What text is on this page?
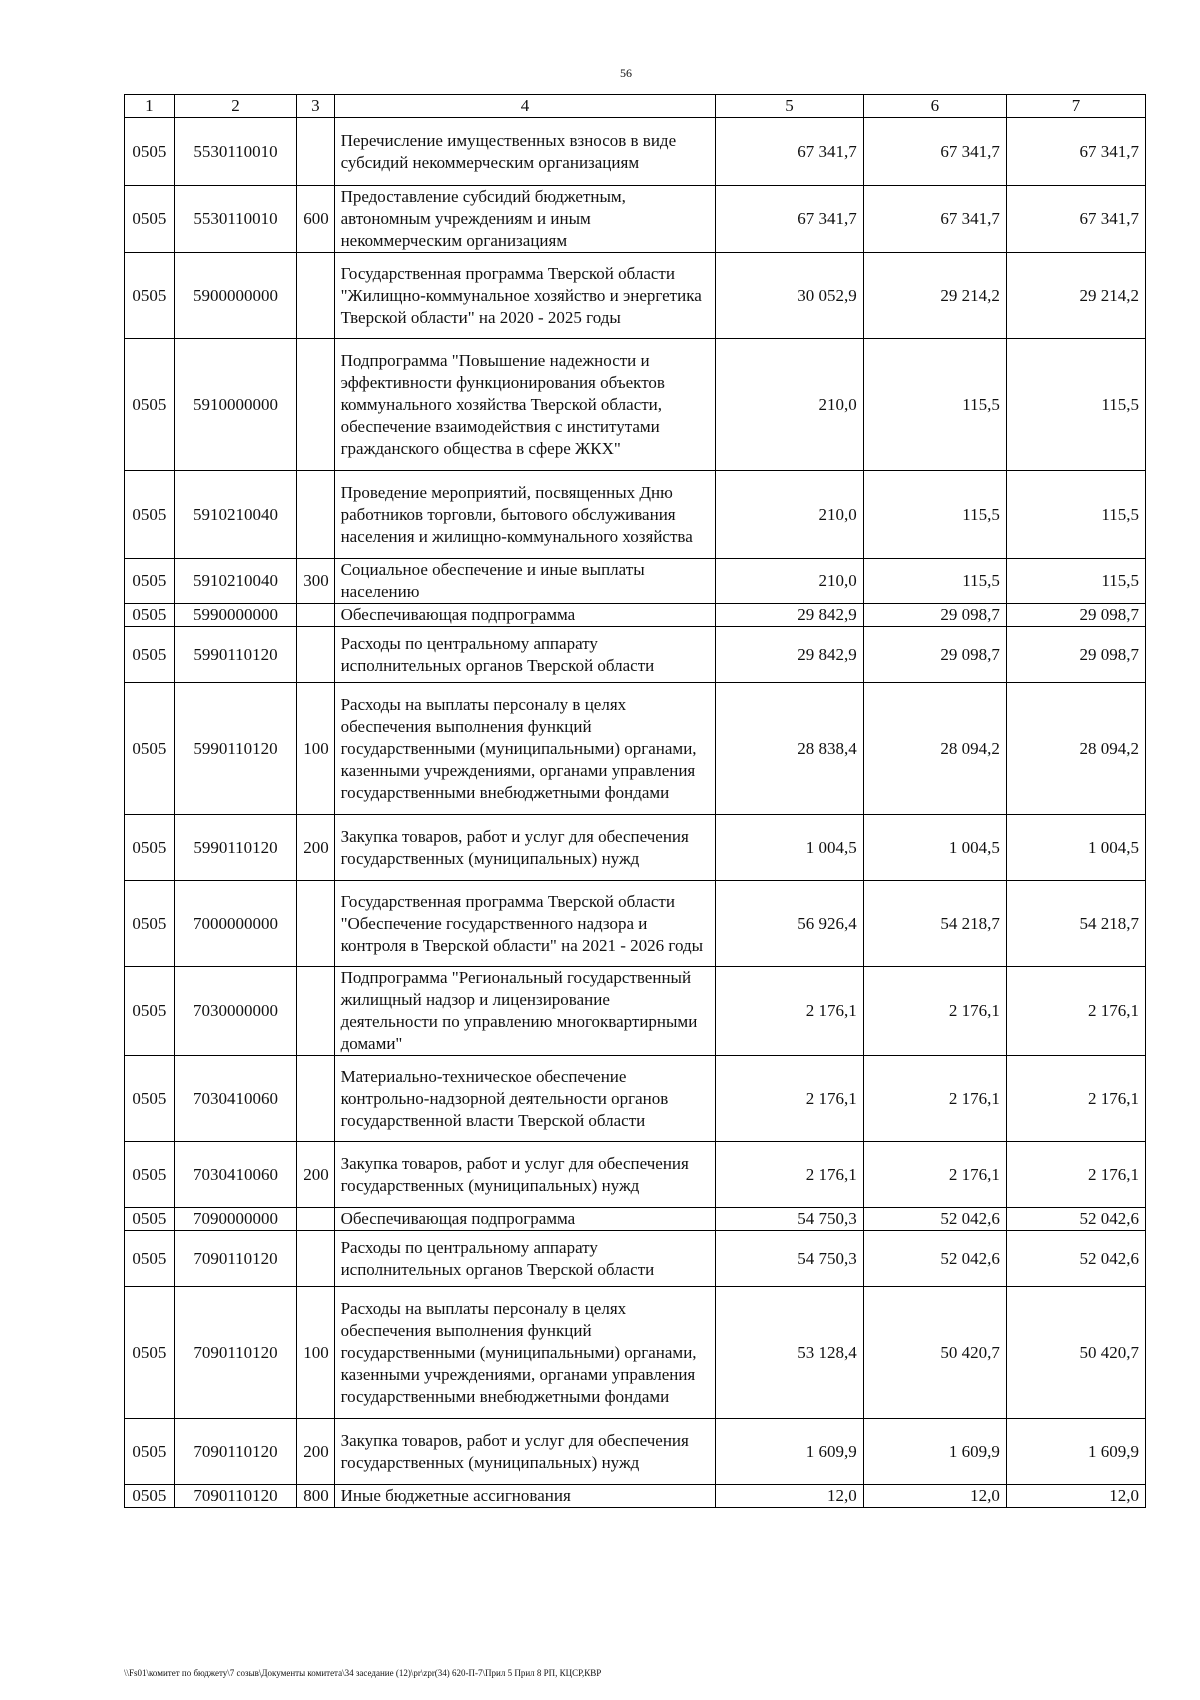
56
1	2	3	4	5	6	7
0505	5530110010		Перечисление имущественных взносов в виде субсидий некоммерческим организациям	67 341,7	67 341,7	67 341,7
0505	5530110010	600	Предоставление субсидий бюджетным, автономным учреждениям и иным некоммерческим организациям	67 341,7	67 341,7	67 341,7
0505	5900000000		Государственная программа Тверской области "Жилищно-коммунальное хозяйство и энергетика Тверской области" на 2020 - 2025 годы	30 052,9	29 214,2	29 214,2
0505	5910000000		Подпрограмма "Повышение надежности и эффективности функционирования объектов коммунального хозяйства Тверской области, обеспечение взаимодействия с институтами гражданского общества в сфере ЖКХ"	210,0	115,5	115,5
0505	5910210040		Проведение мероприятий, посвященных Дню работников торговли, бытового обслуживания населения и жилищно-коммунального хозяйства	210,0	115,5	115,5
0505	5910210040	300	Социальное обеспечение и иные выплаты населению	210,0	115,5	115,5
0505	5990000000		Обеспечивающая подпрограмма	29 842,9	29 098,7	29 098,7
0505	5990110120		Расходы по центральному аппарату исполнительных органов Тверской области	29 842,9	29 098,7	29 098,7
0505	5990110120	100	Расходы на выплаты персоналу в целях обеспечения выполнения функций государственными (муниципальными) органами, казенными учреждениями, органами управления государственными внебюджетными фондами	28 838,4	28 094,2	28 094,2
0505	5990110120	200	Закупка товаров, работ и услуг для обеспечения государственных (муниципальных) нужд	1 004,5	1 004,5	1 004,5
0505	7000000000		Государственная программа Тверской области "Обеспечение государственного надзора и контроля в Тверской области" на 2021 - 2026 годы	56 926,4	54 218,7	54 218,7
0505	7030000000		Подпрограмма "Региональный государственный жилищный надзор и лицензирование деятельности по управлению многоквартирными домами"	2 176,1	2 176,1	2 176,1
0505	7030410060		Материально-техническое обеспечение контрольно-надзорной деятельности органов государственной власти Тверской области	2 176,1	2 176,1	2 176,1
0505	7030410060	200	Закупка товаров, работ и услуг для обеспечения государственных (муниципальных) нужд	2 176,1	2 176,1	2 176,1
0505	7090000000		Обеспечивающая подпрограмма	54 750,3	52 042,6	52 042,6
0505	7090110120		Расходы по центральному аппарату исполнительных органов Тверской области	54 750,3	52 042,6	52 042,6
0505	7090110120	100	Расходы на выплаты персоналу в целях обеспечения выполнения функций государственными (муниципальными) органами, казенными учреждениями, органами управления государственными внебюджетными фондами	53 128,4	50 420,7	50 420,7
0505	7090110120	200	Закупка товаров, работ и услуг для обеспечения государственных (муниципальных) нужд	1 609,9	1 609,9	1 609,9
0505	7090110120	800	Иные бюджетные ассигнования	12,0	12,0	12,0
\\Fs01\комитет по бюджету\7 созыв\Документы комитета\34 заседание (12)\pr\zpr(34) 620-П-7\Прил 5 Прил 8 РП, КЦСР,КВР
